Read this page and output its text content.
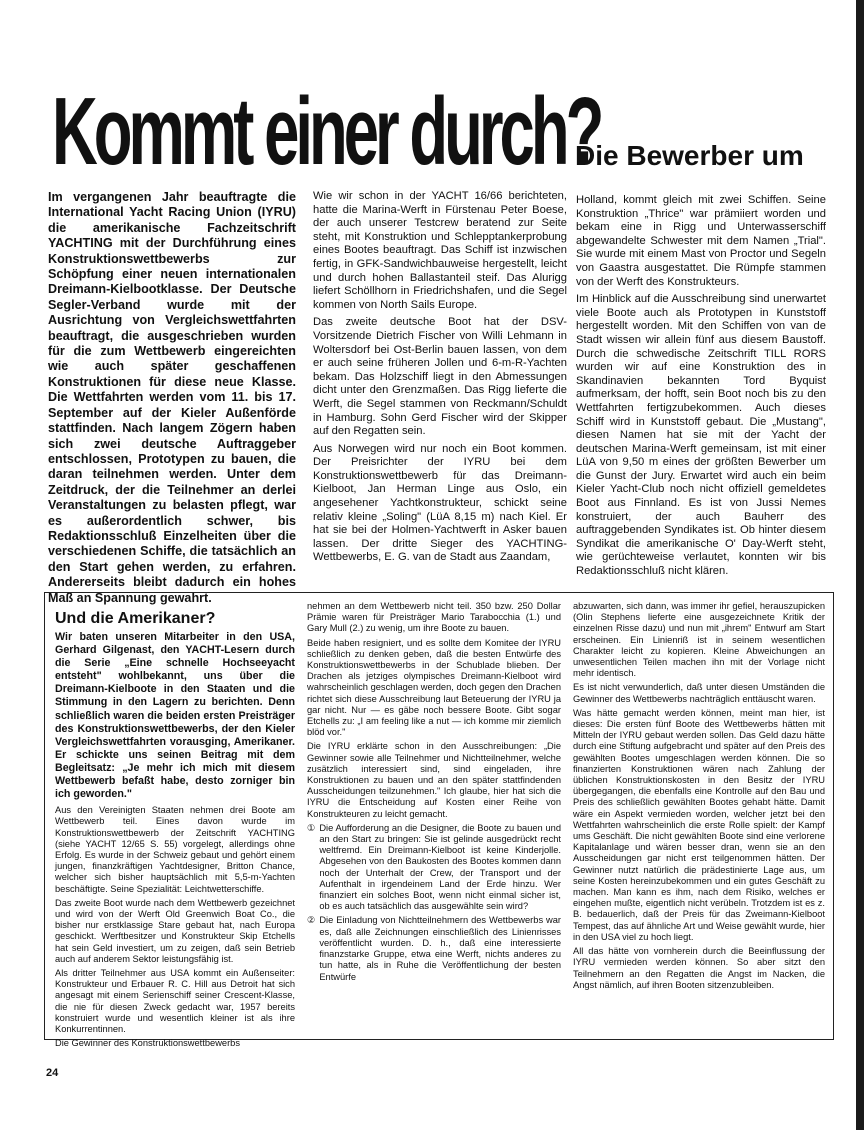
Kommt einer durch?
Die Bewerber um
Im vergangenen Jahr beauftragte die International Yacht Racing Union (IYRU) die amerikanische Fachzeitschrift YACHTING mit der Durchführung eines Konstruktionswettbewerbs zur Schöpfung einer neuen internationalen Dreimann-Kielbootklasse. Der Deutsche Segler-Verband wurde mit der Ausrichtung von Vergleichswettfahrten beauftragt, die ausgeschrieben wurden für die zum Wettbewerb eingereichten wie auch später geschaffenen Konstruktionen für diese neue Klasse. Die Wettfahrten werden vom 11. bis 17. September auf der Kieler Außenförde stattfinden. Nach langem Zögern haben sich zwei deutsche Auftraggeber entschlossen, Prototypen zu bauen, die daran teilnehmen werden. Unter dem Zeitdruck, der die Teilnehmer an derlei Veranstaltungen zu belasten pflegt, war es außerordentlich schwer, bis Redaktionsschluß Einzelheiten über die verschiedenen Schiffe, die tatsächlich an den Start gehen werden, zu erfahren. Andererseits bleibt dadurch ein hohes Maß an Spannung gewahrt.

Wie wir schon in der YACHT 16/66 berichteten, hatte die Marina-Werft in Fürstenau Peter Boese, der auch unserer Testcrew beratend zur Seite steht, mit Konstruktion und Schlepptankerprobung eines Bootes beauftragt. Das Schiff ist inzwischen fertig, in GFK-Sandwichbauweise hergestellt, leicht und durch hohen Ballastanteil steif. Das Alurigg liefert Schöllhorn in Friedrichshafen, und die Segel kommen von North Sails Europe.

Das zweite deutsche Boot hat der DSV-Vorsitzende Dietrich Fischer von Willi Lehmann in Woltersdorf bei Ost-Berlin bauen lassen, von dem er auch seine früheren Jollen und 6-m-R-Yachten bekam. Das Holzschiff liegt in den Abmessungen dicht unter den Grenzmaßen. Das Rigg lieferte die Werft, die Segel stammen von Reckmann/Schuldt in Hamburg. Sohn Gerd Fischer wird der Skipper auf den Regatten sein.

Aus Norwegen wird nur noch ein Boot kommen. Der Preisrichter der IYRU bei dem Konstruktionswettbewerb für das Dreimann-Kielboot, Jan Herman Linge aus Oslo, ein angesehener Yachtkonstrukteur, schickt seine relativ kleine „Soling" (LüA 8,15 m) nach Kiel. Er hat sie bei der Holmen-Yachtwerft in Asker bauen lassen. Der dritte Sieger des YACHTING-Wettbewerbs, E. G. van de Stadt aus Zaandam,

Holland, kommt gleich mit zwei Schiffen. Seine Konstruktion „Thrice" war prämiiert worden und bekam eine in Rigg und Unterwasserschiff abgewandelte Schwester mit dem Namen „Trial". Sie wurde mit einem Mast von Proctor und Segeln von Gaastra ausgestattet. Die Rümpfe stammen von der Werft des Konstrukteurs.

Im Hinblick auf die Ausschreibung sind unerwartet viele Boote auch als Prototypen in Kunststoff hergestellt worden. Mit den Schiffen von van de Stadt wissen wir allein fünf aus diesem Baustoff. Durch die schwedische Zeitschrift TILL RORS wurden wir auf eine Konstruktion des in Skandinavien bekannten Tord Byquist aufmerksam, der hofft, sein Boot noch bis zu den Wettfahrten fertigzubekommen. Auch dieses Schiff wird in Kunststoff gebaut. Die „Mustang", diesen Namen hat sie mit der Yacht der deutschen Marina-Werft gemeinsam, ist mit einer LüA von 9,50 m eines der größten Bewerber um die Gunst der Jury. Erwartet wird auch ein beim Kieler Yacht-Club noch nicht offiziell gemeldetes Boot aus Finnland. Es ist von Jussi Nemes konstruiert, der auch Bauherr des auftraggebenden Syndikates ist. Ob hinter diesem Syndikat die amerikanische O' Day-Werft steht, wie gerüchteweise verlautet, konnten wir bis Redaktionsschluß nicht klären.

Und die Amerikaner?
Wir baten unseren Mitarbeiter in den USA, Gerhard Gilgenast, den YACHT-Lesern durch die Serie „Eine schnelle Hochseeyacht entsteht" wohlbekannt, uns über die Dreimann-Kielboote in den Staaten und die Stimmung in den Lagern zu berichten. Denn schließlich waren die beiden ersten Preisträger des Konstruktionswettbewerbs, der den Kieler Vergleichswettfahrten vorausging, Amerikaner. Er schickte uns seinen Beitrag mit dem Begleitsatz: „Je mehr ich mich mit diesem Wettbewerb befaßt habe, desto zorniger bin ich geworden."

Aus den Vereinigten Staaten nehmen drei Boote am Wettbewerb teil. Eines davon wurde im Konstruktionswettbewerb der Zeitschrift YACHTING (siehe YACHT 12/65 S. 55) vorgelegt, allerdings ohne Erfolg. Es wurde in der Schweiz gebaut und gehört einem jungen, finanzkräftigen Yachtdesigner, Britton Chance, welcher sich bisher hauptsächlich mit 5,5-m-Yachten beschäftigte. Seine Spezialität: Leichtwetterschiffe.

Das zweite Boot wurde nach dem Wettbewerb gezeichnet und wird von der Werft Old Greenwich Boat Co., die bisher nur erstklassige Stare gebaut hat, nach Europa geschickt. Werftbesitzer und Konstrukteur Skip Etchells hat sein Geld investiert, um zu zeigen, daß sein Betrieb auch auf anderem Sektor leistungsfähig ist.

Als dritter Teilnehmer aus USA kommt ein Außenseiter: Konstrukteur und Erbauer R. C. Hill aus Detroit hat sich angesagt mit einem Serienschiff seiner Crescent-Klasse, die nie für diesen Zweck gedacht war, 1957 bereits konstruiert wurde und wesentlich kleiner ist als ihre Konkurrentinnen.

Die Gewinner des Konstruktionswettbewerbs

nehmen an dem Wettbewerb nicht teil. 350 bzw. 250 Dollar Prämie waren für Preisträger Mario Tarabocchia (1.) und Gary Mull (2.) zu wenig, um ihre Boote zu bauen.

Beide haben resigniert, und es sollte dem Komitee der IYRU schließlich zu denken geben, daß die besten Entwürfe des Konstruktionswettbewerbs in der Schublade blieben. Der Drachen als jetziges olympisches Dreimann-Kielboot wird wahrscheinlich geschlagen werden, doch gegen den Drachen richtet sich diese Ausschreibung laut Beteuerung der IYRU ja gar nicht. Nur — es gäbe noch bessere Boote. Gibt sogar Etchells zu: „I am feeling like a nut — ich komme mir ziemlich blöd vor."

Die IYRU erklärte schon in den Ausschreibungen: „Die Gewinner sowie alle Teilnehmer und Nichtteilnehmer, welche zusätzlich interessiert sind, sind eingeladen, ihre Konstruktionen zu bauen und an den später stattfindenden Ausscheidungen teilzunehmen." Ich glaube, hier hat sich die IYRU die Entscheidung auf Kosten einer Reihe von Konstrukteuren zu leicht gemacht.

① Die Aufforderung an die Designer, die Boote zu bauen und an den Start zu bringen: Sie ist gelinde ausgedrückt recht weltfremd. Ein Dreimann-Kielboot ist keine Kinderjolle. Abgesehen von den Baukosten des Bootes kommen dann noch der Unterhalt der Crew, der Transport und der Aufenthalt in irgendeinem Land der Erde hinzu. Wer finanziert ein solches Boot, wenn nicht einmal sicher ist, ob es auch tatsächlich das ausgewählte sein wird?
② Die Einladung von Nichtteilnehmern des Wettbewerbs war es, daß alle Zeichnungen einschließlich des Linienrisses veröffentlicht wurden. D. h., daß eine interessierte finanzstarke Gruppe, etwa eine Werft, nichts anderes zu tun hatte, als in Ruhe die Veröffentlichung der besten Entwürfe

abzuwarten, sich dann, was immer ihr gefiel, herauszupicken (Olin Stephens lieferte eine ausgezeichnete Kritik der einzelnen Risse dazu) und nun mit „ihrem" Entwurf am Start erscheinen. Ein Linienriß ist in seinem wesentlichen Charakter leicht zu kopieren. Kleine Abweichungen an unwesentlichen Teilen machen ihn mit der Vorlage nicht mehr identisch.

Es ist nicht verwunderlich, daß unter diesen Umständen die Gewinner des Wettbewerbs nachträglich enttäuscht waren.

Was hätte gemacht werden können, meint man hier, ist dieses: Die ersten fünf Boote des Wettbewerbs hätten mit Mitteln der IYRU gebaut werden sollen. Das Geld dazu hätte durch eine Stiftung aufgebracht und später auf den Preis des gewählten Bootes umgeschlagen werden können. Die so finanzierten Konstruktionen wären nach Zahlung der üblichen Konstruktionskosten in den Besitz der IYRU übergegangen, die ebenfalls eine Kontrolle auf den Bau und Preis des schließlich gewählten Bootes gehabt hätte. Damit wäre ein Aspekt vermieden worden, welcher jetzt bei den Wettfahrten wahrscheinlich die erste Rolle spielt: der Kampf ums Geschäft. Die nicht gewählten Boote sind eine verlorene Kapitalanlage und wären besser dran, wenn sie an den Ausscheidungen gar nicht erst teilgenommen hätten. Der Gewinner nutzt natürlich die prädestinierte Lage aus, um seine Kosten hereinzubekommen und ein gutes Geschäft zu machen. Man kann es ihm, nach dem Risiko, welches er eingehen mußte, eigentlich nicht verübeln. Trotzdem ist es z. B. bedauerlich, daß der Preis für das Zweimann-Kielboot Tempest, das auf ähnliche Art und Weise gewählt wurde, hier in den USA viel zu hoch liegt.

All das hätte von vornherein durch die Beeinflussung der IYRU vermieden werden können. So aber sitzt den Teilnehmern an den Regatten die Angst im Nacken, die Angst nämlich, auf ihren Booten sitzenzubleiben.

24
